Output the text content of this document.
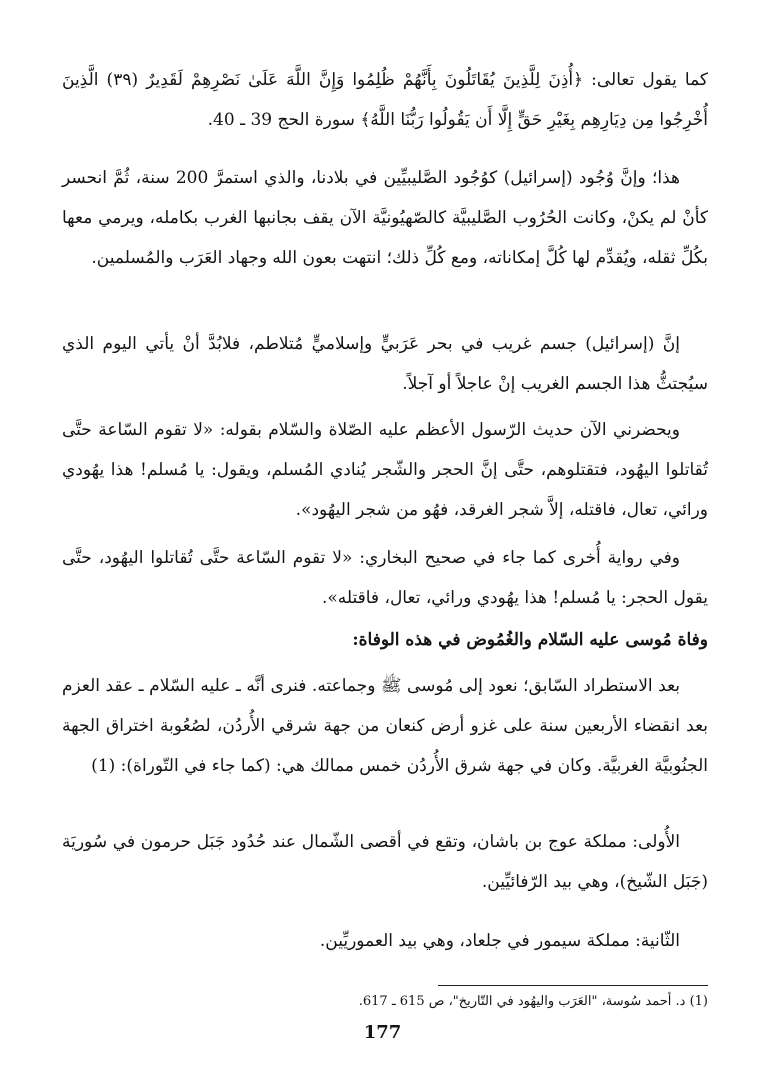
كما يقول تعالى: ﴿أُذِنَ لِلَّذِينَ يُقَاتَلُونَ بِأَنَّهُمْ ظُلِمُوا وَإِنَّ اللَّهَ عَلَىٰ نَصْرِهِمْ لَقَدِيرٌ (٣٩) الَّذِينَ أُخْرِجُوا مِن دِيَارِهِم بِغَيْرِ حَقٍّ إِلَّا أَن يَقُولُوا رَبُّنَا اللَّهُ﴾ سورة الحج 39 ـ 40.

هذا؛ وإنَّ وُجُود (إسرائيل) كوُجُود الصَّليبيِّين في بلادنا، والذي استمرَّ 200 سنة، ثُمَّ انحسر كأنْ لم يكنْ، وكانت الحُرُوب الصَّليبيَّة كالصّهيُونيَّة الآن يقف بجانبها الغرب بكامله، ويرمي معها بكُلِّ ثقله، ويُقدِّم لها كُلَّ إمكاناته، ومع كُلِّ ذلك؛ انتهت بعون الله وجهاد العَرَب والمُسلمين.

إنَّ (إسرائيل) جسم غريب في بحر عَرَبيٍّ وإسلاميٍّ مُتلاطم، فلابُدَّ أنْ يأتي اليوم الذي سيُجتثُّ هذا الجسم الغريب إنْ عاجلاً أو آجلاً.

ويحضرني الآن حديث الرّسول الأعظم عليه الصّلاة والسّلام بقوله: «لا تقوم السّاعة حتَّى تُقاتلوا اليهُود، فتقتلوهم، حتَّى إنَّ الحجر والشّجر يُنادي المُسلم، ويقول: يا مُسلم! هذا يهُودي ورائي، تعال، فاقتله، إلاَّ شجر الغرقد، فهُو من شجر اليهُود».

وفي رواية أُخرى كما جاء في صحيح البخاري: «لا تقوم السّاعة حتَّى تُقاتلوا اليهُود، حتَّى يقول الحجر: يا مُسلم! هذا يهُودي ورائي، تعال، فاقتله».

وفاة مُوسى عليه السّلام والغُمُوض في هذه الوفاة:

بعد الاستطراد السّابق؛ نعود إلى مُوسى ﷺ وجماعته. فنرى أنَّه ـ عليه السّلام ـ عقد العزم بعد انقضاء الأربعين سنة على غزو أرض كنعان من جهة شرقي الأُردُن، لصُعُوبة اختراق الجهة الجنُوبيَّة الغربيَّة. وكان في جهة شرق الأُردُن خمس ممالك هي: (كما جاء في التّوراة): (1)

الأُولى: مملكة عوج بن باشان، وتقع في أقصى الشّمال عند حُدُود جَبَل حرمون في سُوريَة (جَبَل الشّيخ)، وهي بيد الرّفائيِّين.

الثّانية: مملكة سيمور في جلعاد، وهي بيد العموريِّين.

(1) د. أحمد سُوسة، "العَرَب واليهُود في التّاريخ"، ص 615 ـ 617.

177
